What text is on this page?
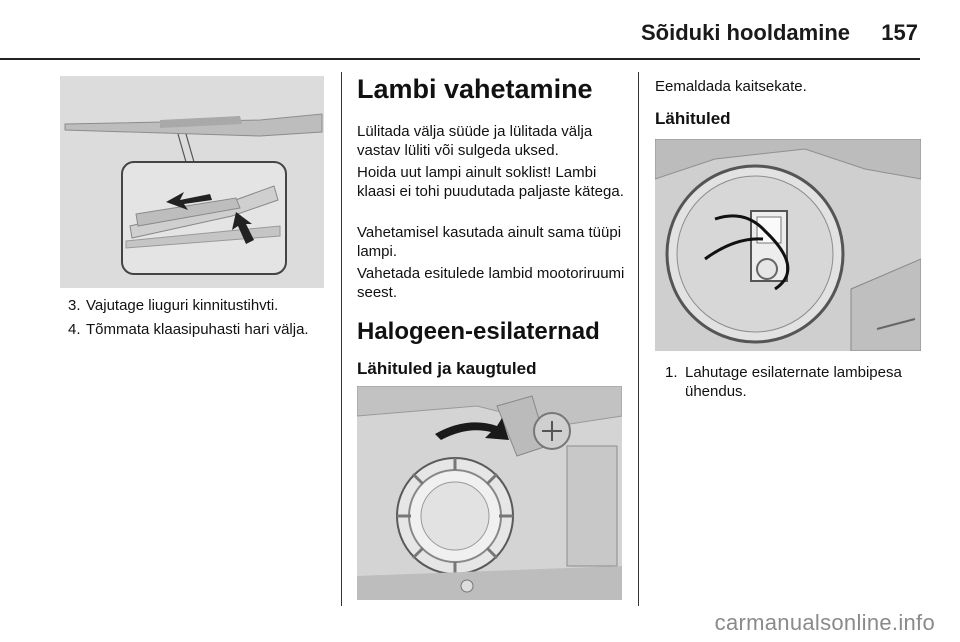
Sõiduki hooldamine	157
3. Vajutage liuguri kinnitustihvti.
4. Tõmmata klaasipuhasti hari välja.
Lambi vahetamine
Lülitada välja süüde ja lülitada välja vastav lüliti või sulgeda uksed.
Hoida uut lampi ainult soklist! Lambi klaasi ei tohi puudutada paljaste kätega.
Vahetamisel kasutada ainult sama tüüpi lampi.
Vahetada esitulede lambid mootoriruumi seest.
Halogeen-esilaternad
Lähituled ja kaugtuled
Eemaldada kaitsekate.
Lähituled
1. Lahutage esilaternate lambipesa ühendus.
carmanualsonline.info
